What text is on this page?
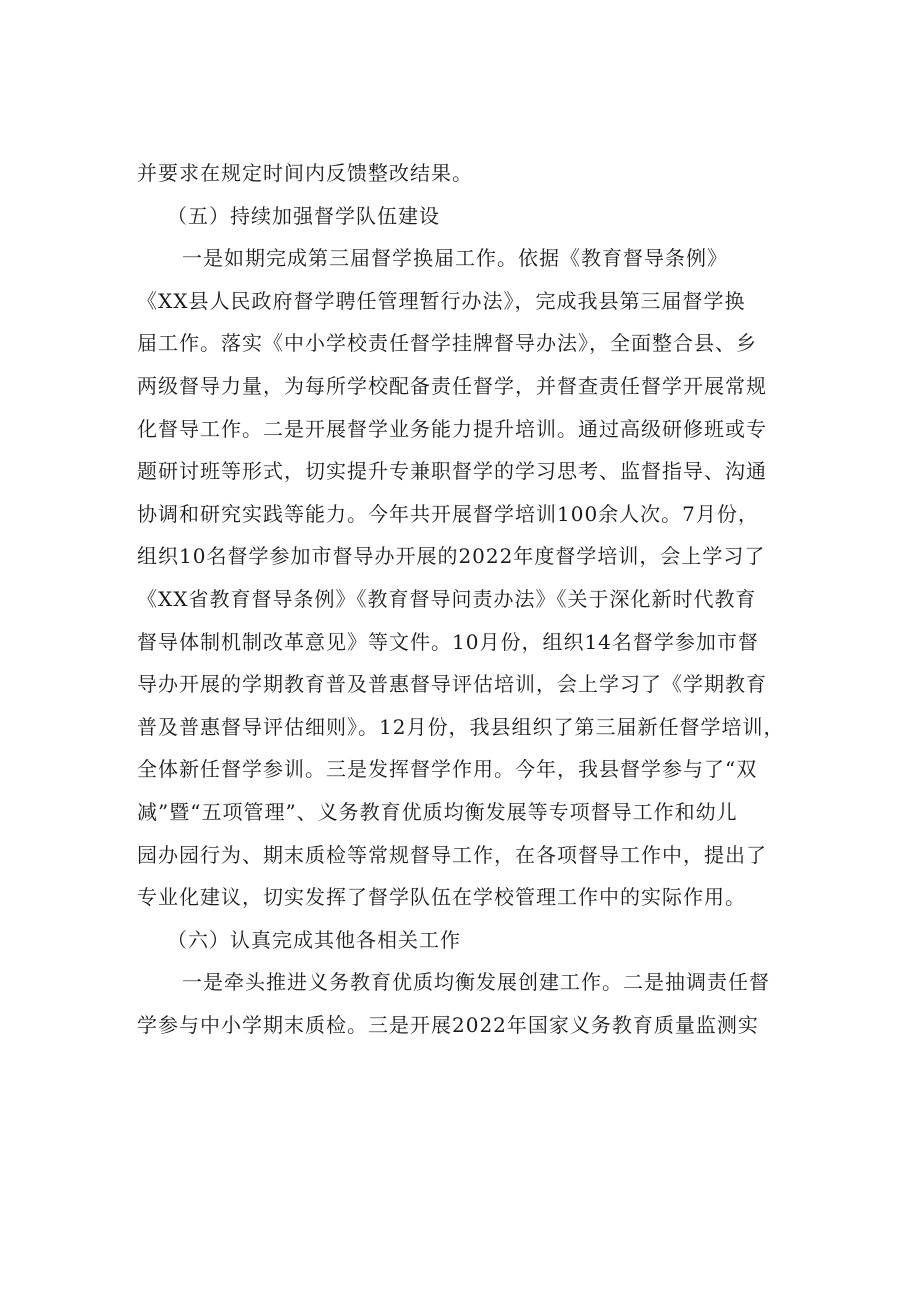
并要求在规定时间内反馈整改结果。

（五）持续加强督学队伍建设

一是如期完成第三届督学换届工作。依据《教育督导条例》

《XX县人民政府督学聘任管理暂行办法》，完成我县第三届督学换

届工作。落实《中小学校责任督学挂牌督导办法》，全面整合县、乡

两级督导力量，为每所学校配备责任督学，并督查责任督学开展常规

化督导工作。二是开展督学业务能力提升培训。通过高级研修班或专

题研讨班等形式，切实提升专兼职督学的学习思考、监督指导、沟通

协调和研究实践等能力。今年共开展督学培训100余人次。7月份，

组织10名督学参加市督导办开展的2022年度督学培训，会上学习了

《XX省教育督导条例》《教育督导问责办法》《关于深化新时代教育

督导体制机制改革意见》等文件。10月份，组织14名督学参加市督

导办开展的学期教育普及普惠督导评估培训，会上学习了《学期教育

普及普惠督导评估细则》。12月份，我县组织了第三届新任督学培训，

全体新任督学参训。三是发挥督学作用。今年，我县督学参与了“双

减”暨“五项管理”、义务教育优质均衡发展等专项督导工作和幼儿

园办园行为、期末质检等常规督导工作，在各项督导工作中，提出了

专业化建议，切实发挥了督学队伍在学校管理工作中的实际作用。

（六）认真完成其他各相关工作

一是牵头推进义务教育优质均衡发展创建工作。二是抽调责任督

学参与中小学期末质检。三是开展2022年国家义务教育质量监测实
